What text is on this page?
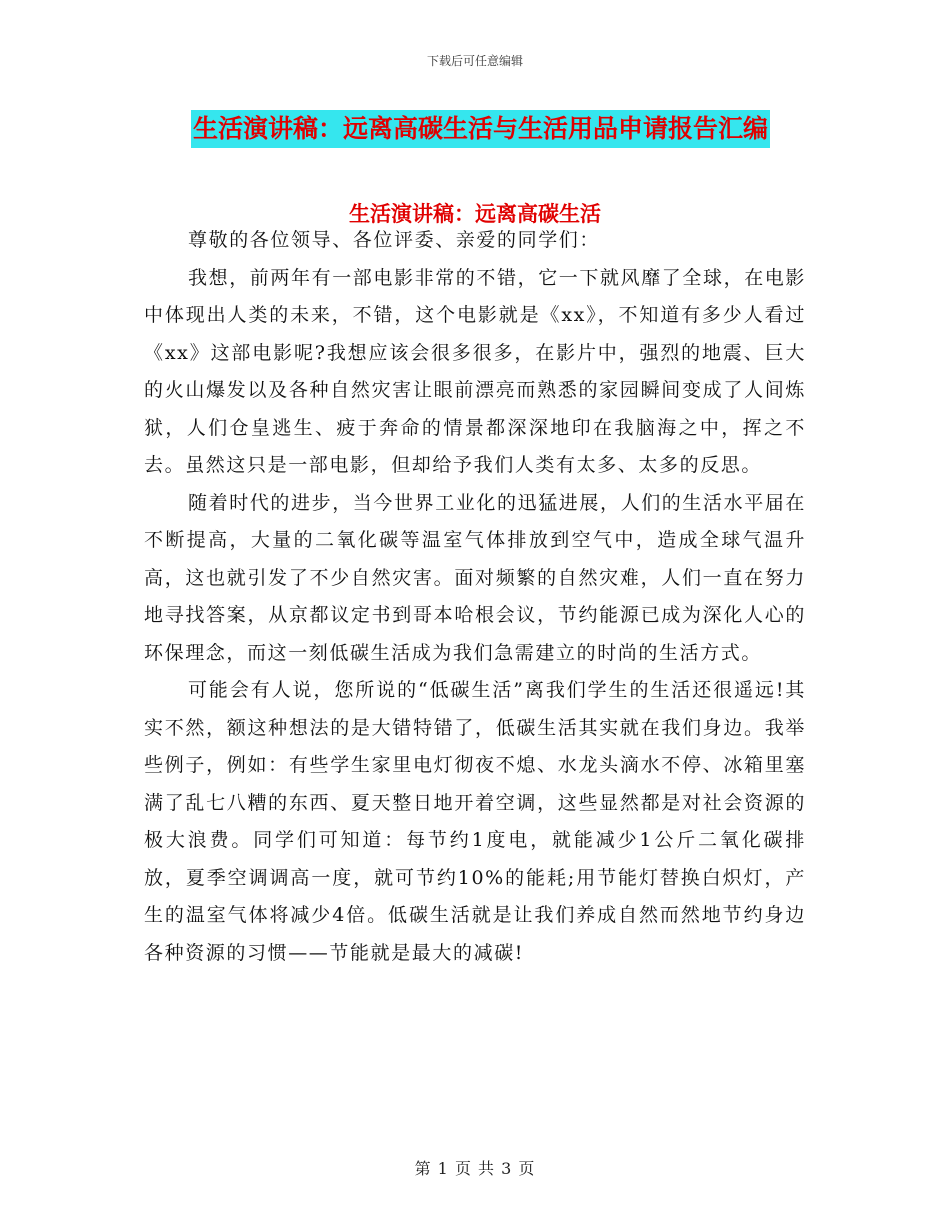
下载后可任意编辑
生活演讲稿：远离高碳生活与生活用品申请报告汇编
生活演讲稿：远离高碳生活

尊敬的各位领导、各位评委、亲爱的同学们：

我想，前两年有一部电影非常的不错，它一下就风靡了全球，在电影中体现出人类的未来，不错，这个电影就是《xx》，不知道有多少人看过《xx》这部电影呢?我想应该会很多很多，在影片中，强烈的地震、巨大的火山爆发以及各种自然灾害让眼前漂亮而熟悉的家园瞬间变成了人间炼狱，人们仓皇逃生、疲于奔命的情景都深深地印在我脑海之中，挥之不去。虽然这只是一部电影，但却给予我们人类有太多、太多的反思。

随着时代的进步，当今世界工业化的迅猛进展，人们的生活水平届在不断提高，大量的二氧化碳等温室气体排放到空气中，造成全球气温升高，这也就引发了不少自然灾害。面对频繁的自然灾难，人们一直在努力地寻找答案，从京都议定书到哥本哈根会议，节约能源已成为深化人心的环保理念，而这一刻低碳生活成为我们急需建立的时尚的生活方式。

可能会有人说，您所说的“低碳生活”离我们学生的生活还很遥远!其实不然，额这种想法的是大错特错了，低碳生活其实就在我们身边。我举些例子，例如：有些学生家里电灯彻夜不熄、水龙头滴水不停、冰箱里塞满了乱七八糟的东西、夏天整日地开着空调，这些显然都是对社会资源的极大浪费。同学们可知道：每节约1度电，就能减少1公斤二氧化碳排放，夏季空调调高一度，就可节约10%的能耗;用节能灯替换白炽灯，产生的温室气体将减少4倍。低碳生活就是让我们养成自然而然地节约身边各种资源的习惯——节能就是最大的减碳!

第 1 页 共 3 页
